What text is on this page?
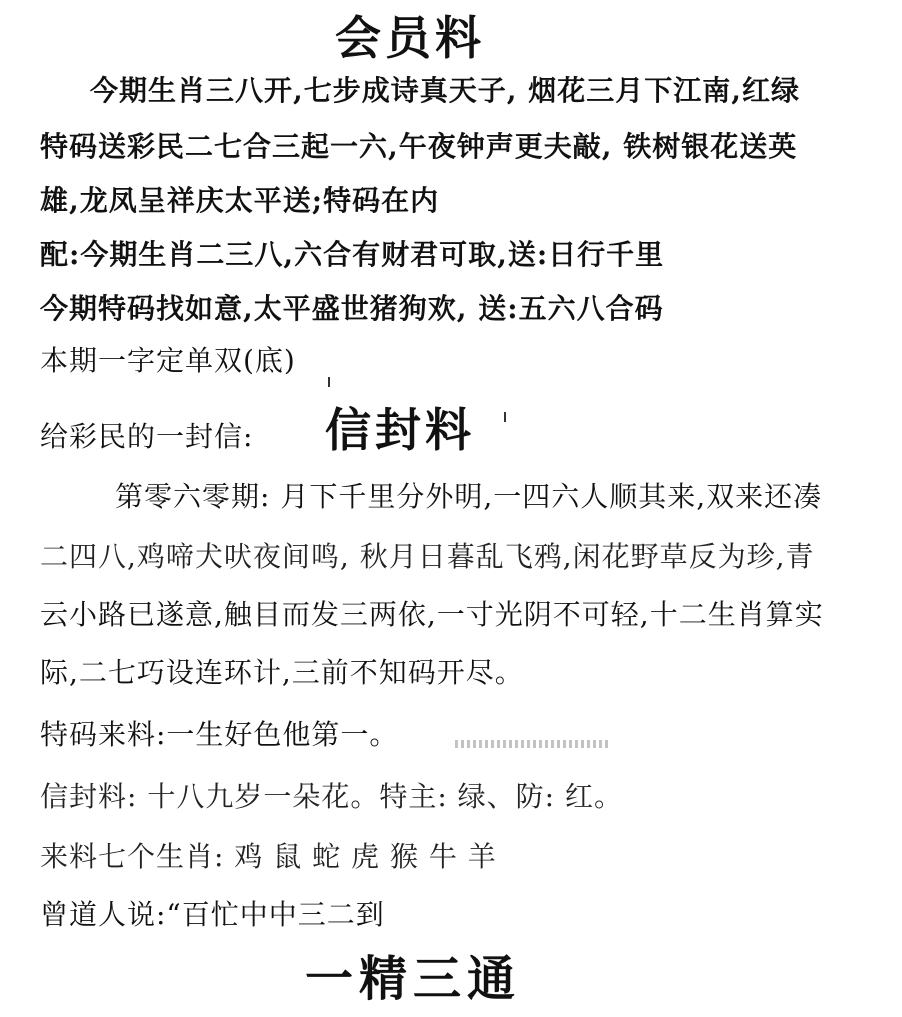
会员料
今期生肖三八开,七步成诗真天子, 烟花三月下江南,红绿
特码送彩民二七合三起一六,午夜钟声更夫敲, 铁树银花送英
雄,龙凤呈祥庆太平送;特码在内
配:今期生肖二三八,六合有财君可取,送:日行千里
今期特码找如意,太平盛世猪狗欢, 送:五六八合码
本期一字定单双(底)
给彩民的一封信: 信封料
第零六零期: 月下千里分外明,一四六人顺其来,双来还凑
二四八,鸡啼犬吠夜间鸣, 秋月日暮乱飞鸦,闲花野草反为珍,青
云小路已遂意,触目而发三两依,一寸光阴不可轻,十二生肖算实
际,二七巧设连环计,三前不知码开尽。
特码来料:一生好色他第一。
信封料: 十八九岁一朵花。特主: 绿、防: 红。
来料七个生肖: 鸡 鼠 蛇 虎 猴 牛 羊
曾道人说:“百忙中中三二到
一精三通
